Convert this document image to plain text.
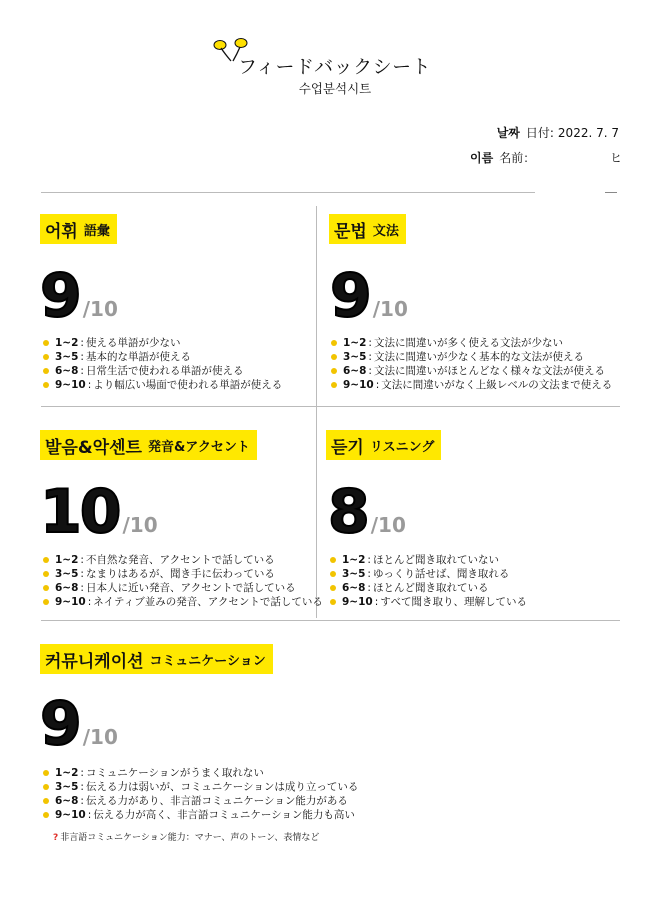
フィードバックシート
수업분석시트
날짜 日付: 2022. 7. 7
이름 名前：	ヒ
어휘 語彙
9 /10
1~2 : 使える単語が少ない
3~5 : 基本的な単語が使える
6~8 : 日常生活で使われる単語が使える
9~10 : より幅広い場面で使われる単語が使える
문법 文法
9 /10
1~2 : 文法に間違いが多く使える文法が少ない
3~5 : 文法に間違いが少なく基本的な文法が使える
6~8 : 文法に間違いがほとんどなく様々な文法が使える
9~10 : 文法に間違いがなく上級レベルの文法まで使える
발음&악센트 発音&アクセント
10 /10
1~2 : 不自然な発音、アクセントで話している
3~5 : なまりはあるが、聞き手に伝わっている
6~8 : 日本人に近い発音、アクセントで話している
9~10 : ネイティブ並みの発音、アクセントで話している
듣기 リスニング
8 /10
1~2 : ほとんど聞き取れていない
3~5 : ゆっくり話せば、聞き取れる
6~8 : ほとんど聞き取れている
9~10 : すべて聞き取り、理解している
커뮤니케이션 コミュニケーション
9 /10
1~2 : コミュニケーションがうまく取れない
3~5 : 伝える力は弱いが、コミュニケーションは成り立っている
6~8 : 伝える力があり、非言語コミュニケーション能力がある
9~10 : 伝える力が高く、非言語コミュニケーション能力も高い
? 非言語コミュニケーション能力：マナー、声のトーン、表情など
